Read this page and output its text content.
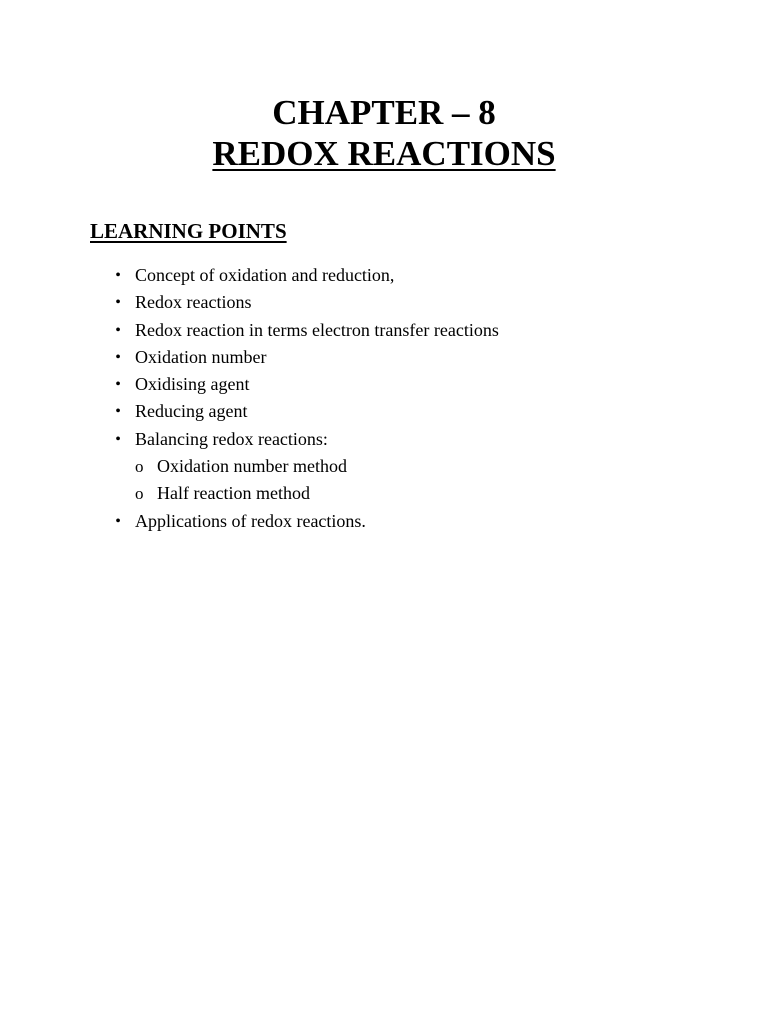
CHAPTER – 8
REDOX REACTIONS
LEARNING POINTS
• Concept of oxidation and reduction,
• Redox reactions
• Redox reaction in terms electron transfer reactions
• Oxidation number
• Oxidising agent
• Reducing agent
• Balancing redox reactions:
o Oxidation number method
o Half reaction method
• Applications of redox reactions.
